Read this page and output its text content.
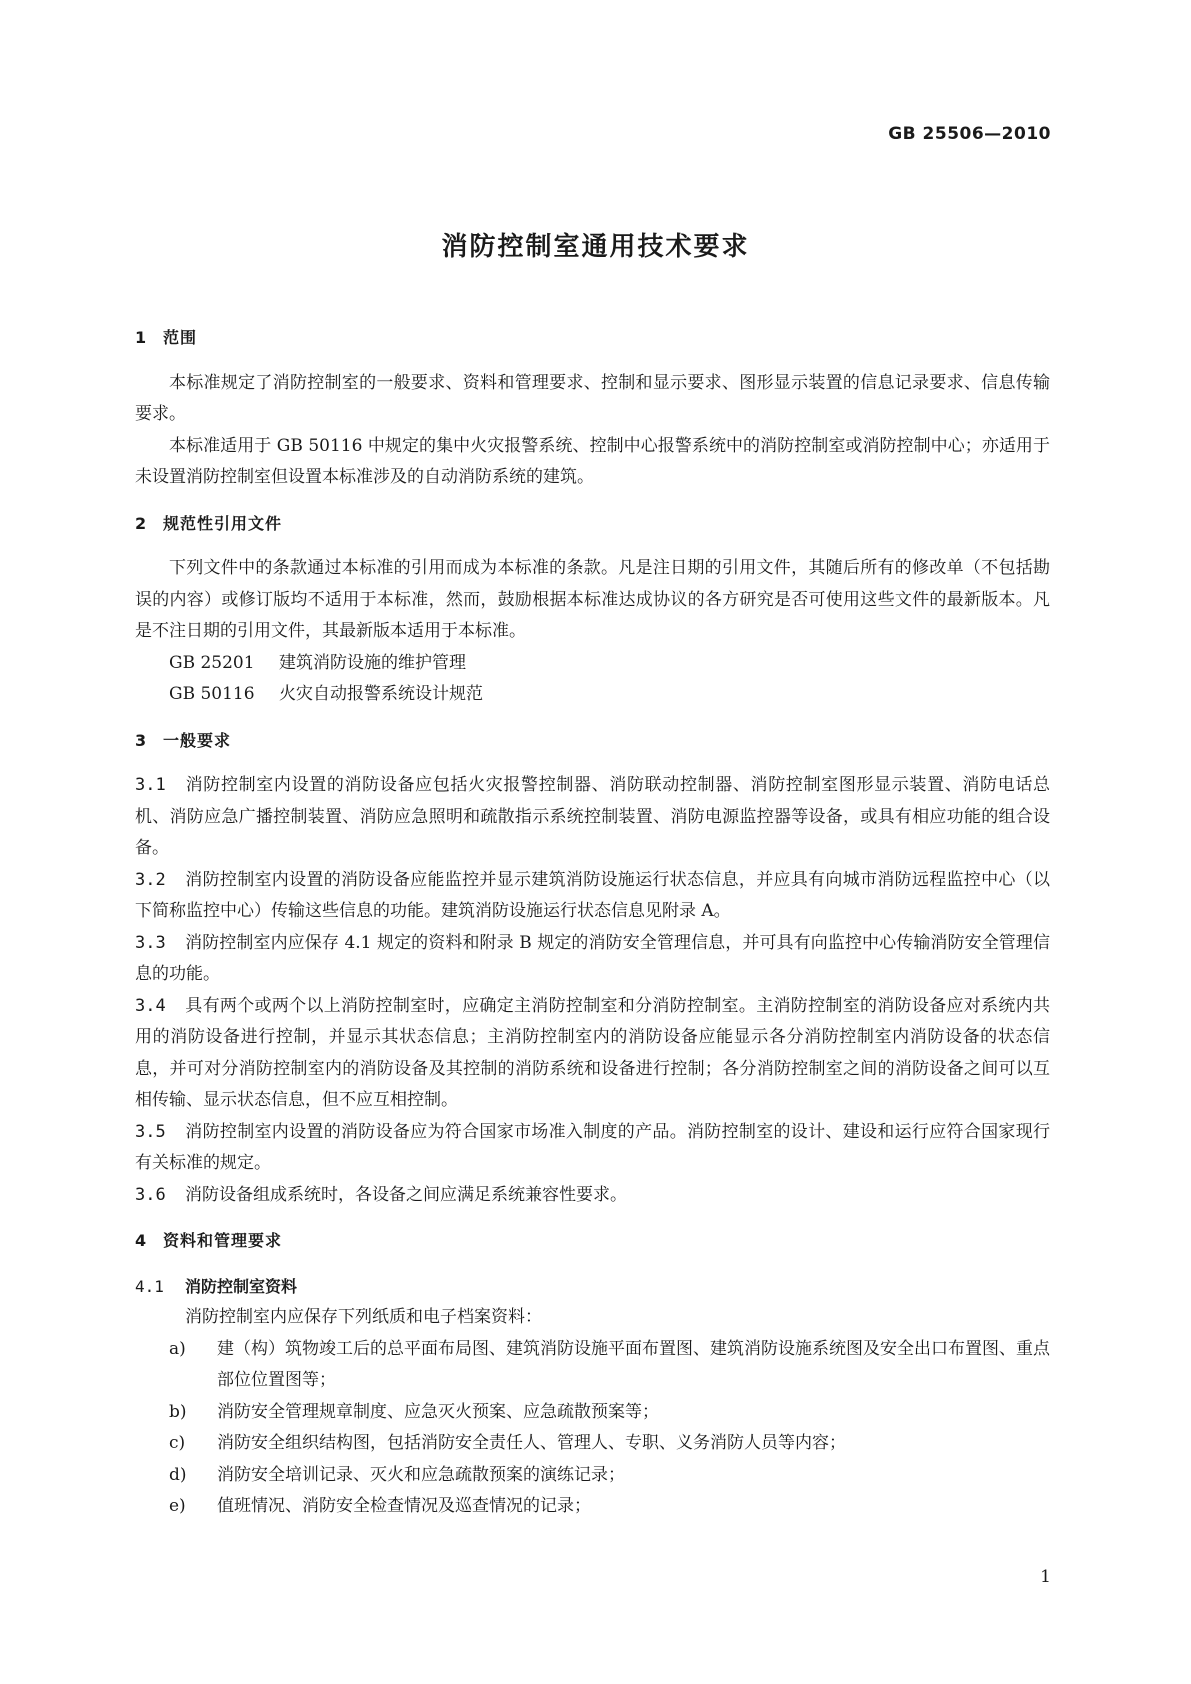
GB 25506—2010
消防控制室通用技术要求
1 范围

本标准规定了消防控制室的一般要求、资料和管理要求、控制和显示要求、图形显示装置的信息记录要求、信息传输要求。

本标准适用于 GB 50116 中规定的集中火灾报警系统、控制中心报警系统中的消防控制室或消防控制中心；亦适用于未设置消防控制室但设置本标准涉及的自动消防系统的建筑。

2 规范性引用文件

下列文件中的条款通过本标准的引用而成为本标准的条款。凡是注日期的引用文件，其随后所有的修改单（不包括勘误的内容）或修订版均不适用于本标准，然而，鼓励根据本标准达成协议的各方研究是否可使用这些文件的最新版本。凡是不注日期的引用文件，其最新版本适用于本标准。

GB 25201 建筑消防设施的维护管理

GB 50116 火灾自动报警系统设计规范

3 一般要求

3.1 消防控制室内设置的消防设备应包括火灾报警控制器、消防联动控制器、消防控制室图形显示装置、消防电话总机、消防应急广播控制装置、消防应急照明和疏散指示系统控制装置、消防电源监控器等设备，或具有相应功能的组合设备。

3.2 消防控制室内设置的消防设备应能监控并显示建筑消防设施运行状态信息，并应具有向城市消防远程监控中心（以下简称监控中心）传输这些信息的功能。建筑消防设施运行状态信息见附录 A。

3.3 消防控制室内应保存 4.1 规定的资料和附录 B 规定的消防安全管理信息，并可具有向监控中心传输消防安全管理信息的功能。

3.4 具有两个或两个以上消防控制室时，应确定主消防控制室和分消防控制室。主消防控制室的消防设备应对系统内共用的消防设备进行控制，并显示其状态信息；主消防控制室内的消防设备应能显示各分消防控制室内消防设备的状态信息，并可对分消防控制室内的消防设备及其控制的消防系统和设备进行控制；各分消防控制室之间的消防设备之间可以互相传输、显示状态信息，但不应互相控制。

3.5 消防控制室内设置的消防设备应为符合国家市场准入制度的产品。消防控制室的设计、建设和运行应符合国家现行有关标准的规定。

3.6 消防设备组成系统时，各设备之间应满足系统兼容性要求。

4 资料和管理要求

4.1 消防控制室资料

消防控制室内应保存下列纸质和电子档案资料：

a) 建（构）筑物竣工后的总平面布局图、建筑消防设施平面布置图、建筑消防设施系统图及安全出口布置图、重点部位位置图等；

b) 消防安全管理规章制度、应急灭火预案、应急疏散预案等；

c) 消防安全组织结构图，包括消防安全责任人、管理人、专职、义务消防人员等内容；

d) 消防安全培训记录、灭火和应急疏散预案的演练记录；

e) 值班情况、消防安全检查情况及巡查情况的记录；

1
